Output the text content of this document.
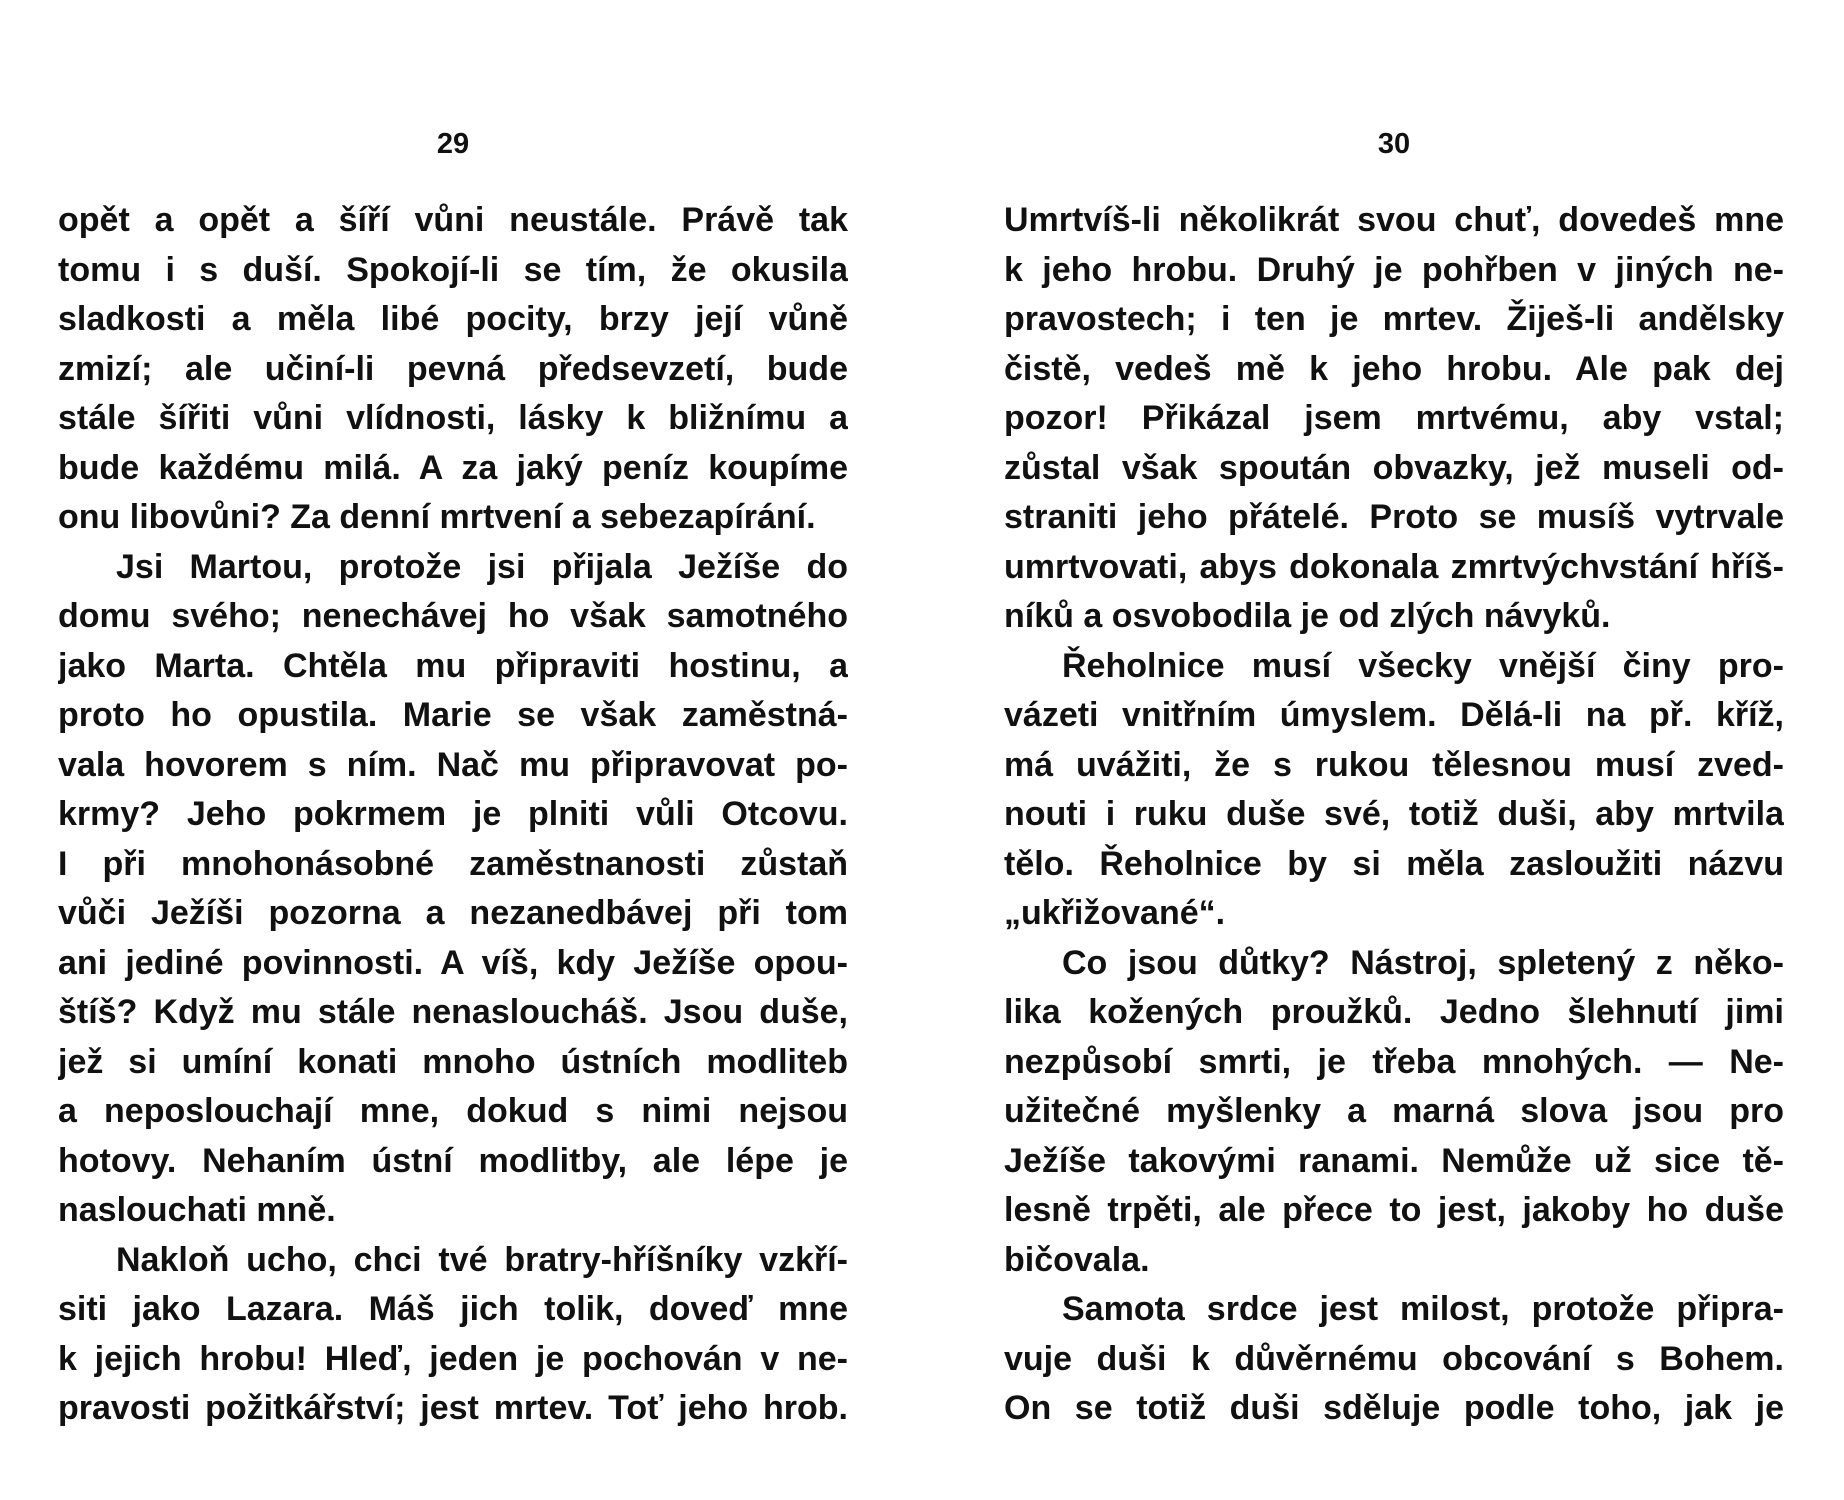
29
opět a opět a šíří vůni neustále. Právě tak
tomu i s duší. Spokojí-li se tím, že okusila
sladkosti a měla libé pocity, brzy její vůně
zmizí; ale učiní-li pevná předsevzetí, bude
stále šířiti vůni vlídnosti, lásky k bližnímu a
bude každému milá. A za jaký peníz koupíme
onu libovůni? Za denní mrtvení a sebezapírání.
Jsi Martou, protože jsi přijala Ježíše do
domu svého; nenechávej ho však samotného
jako Marta. Chtěla mu připraviti hostinu, a
proto ho opustila. Marie se však zaměstná-
vala hovorem s ním. Nač mu připravovat po-
krmy? Jeho pokrmem je plniti vůli Otcovu.
I při mnohonásobné zaměstnanosti zůstaň
vůči Ježíši pozorna a nezanedbávej při tom
ani jediné povinnosti. A víš, kdy Ježíše opou-
štíš? Když mu stále nenasloucháš. Jsou duše,
jež si umíní konati mnoho ústních modliteb
a neposlouchají mne, dokud s nimi nejsou
hotovy. Nehaním ústní modlitby, ale lépe je
naslouchati mně.
Nakloň ucho, chci tvé bratry-hříšníky vzkří-
siti jako Lazara. Máš jich tolik, doveď mne
k jejich hrobu! Hleď, jeden je pochován v ne-
pravosti požitkářství; jest mrtev. Toť jeho hrob.
30
Umrtvíš-li několikrát svou chuť, dovedeš mne
k jeho hrobu. Druhý je pohřben v jiných ne-
pravostech; i ten je mrtev. Žiješ-li andělsky
čistě, vedeš mě k jeho hrobu. Ale pak dej
pozor! Přikázal jsem mrtvému, aby vstal;
zůstal však spoután obvazky, jež museli od-
straniti jeho přátelé. Proto se musíš vytrvale
umrtvovati, abys dokonala zmrtvýchvstání hříš-
níků a osvobodila je od zlých návyků.
Řeholnice musí všecky vnější činy pro-
vázeti vnitřním úmyslem. Dělá-li na př. kříž,
má uvážiti, že s rukou tělesnou musí zved-
nouti i ruku duše své, totiž duši, aby mrtvila
tělo. Řeholnice by si měla zasloužiti názvu
„ukřižované“.
Co jsou důtky? Nástroj, spletený z něko-
lika kožených proužků. Jedno šlehnutí jimi
nezpůsobí smrti, je třeba mnohých. — Ne-
užitečné myšlenky a marná slova jsou pro
Ježíše takovými ranami. Nemůže už sice tě-
lesně trpěti, ale přece to jest, jakoby ho duše
bičovala.
Samota srdce jest milost, protože připra-
vuje duši k důvěrnému obcování s Bohem.
On se totiž duši sděluje podle toho, jak je
